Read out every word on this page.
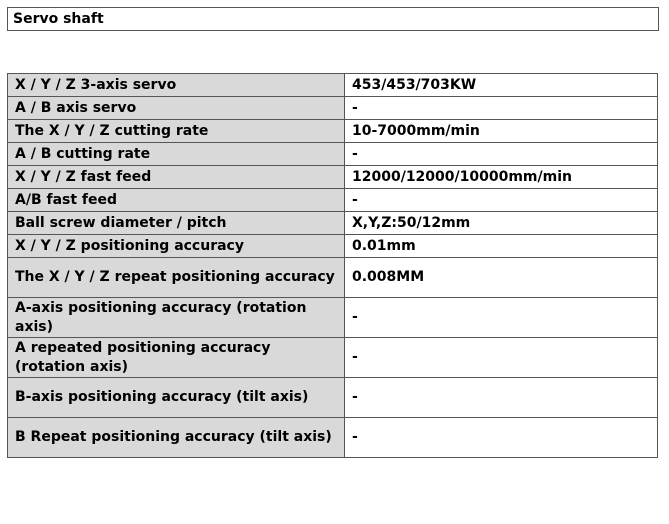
Servo shaft
X / Y / Z 3-axis servo	453/453/703KW
A / B axis servo	-
The X / Y / Z cutting rate	10-7000mm/min
A / B cutting rate	-
X / Y / Z fast feed	12000/12000/10000mm/min
A/B fast feed	-
Ball screw diameter / pitch	X,Y,Z:50/12mm
X / Y / Z positioning accuracy	0.01mm
The X / Y / Z repeat positioning accuracy	0.008MM
A-axis positioning accuracy (rotation axis)	-
A repeated positioning accuracy (rotation axis)	-
B-axis positioning accuracy (tilt axis)	-
B Repeat positioning accuracy (tilt axis)	-
